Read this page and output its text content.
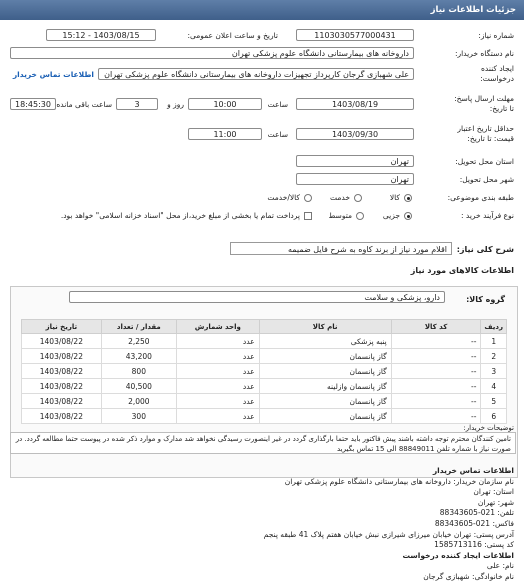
جزئیات اطلاعات نیاز
شماره نیاز:
1103030577000431
تاریخ و ساعت اعلان عمومی:
1403/08/15 - 15:12
نام دستگاه خریدار:
داروخانه های بیمارستانی دانشگاه علوم پزشکی تهران
ایجاد کننده
درخواست:
علی شهبازی گرجان کارپرداز تجهیزات داروخانه های بیمارستانی دانشگاه علوم پزشکی تهران
اطلاعات تماس خریدار
مهلت ارسال پاسخ:
تا تاریخ:
1403/08/19
ساعت
10:00
3	روز و
ساعت باقی مانده
18:45:30
حداقل تاریخ اعتبار
قیمت: تا تاریخ:
1403/09/30
ساعت
11:00
استان محل تحویل:
تهران
شهر محل تحویل:
تهران
طبقه بندی موضوعی:
کالا
خدمت
کالا/خدمت
نوع فرآیند خرید :
جزیی
متوسط
پرداخت تمام یا بخشی از مبلغ خرید،از محل "اسناد خزانه اسلامی" خواهد بود.
شرح کلی نیاز:
اقلام مورد نیاز از برند کاوه به شرح فایل ضمیمه
اطلاعات کالاهای مورد نیاز
گروه کالا:
دارو، پزشکی و سلامت
ردیف	کد کالا	نام کالا	واحد شمارش	مقدار / تعداد	تاریخ نیاز
1	--	پنبه پزشکی	عدد	2,250	1403/08/22
2	--	گاز پانسمان	عدد	43,200	1403/08/22
3	--	گاز پانسمان	عدد	800	1403/08/22
4	--	گاز پانسمان وازلینه	عدد	40,500	1403/08/22
5	--	گاز پانسمان	عدد	2,000	1403/08/22
6	--	گاز پانسمان	عدد	300	1403/08/22
تامین کنندگان محترم توجه داشته باشند پیش فاکتور باید حتما بارگذاری گردد در غیر اینصورت رسیدگی نخواهد شد مدارک و موارد ذکر شده در پیوست حتما مطالعه گردد. در صورت نیاز با شماره تلفن 88849011 الی 15 تماس بگیرید
توضیحات خریدار:
اطلاعات تماس خریدار
نام سازمان خریدار: داروخانه های بیمارستانی دانشگاه علوم پزشکی تهران
استان: تهران
شهر: تهران
تلفن: 021-88343605
فاکس: 021-88343605
آدرس پستی: تهران خیابان میرزای شیرازی نبش خیابان هفتم پلاک 41 طبقه پنجم
کد پستی: 1585713116
اطلاعات ایجاد کننده درخواست
نام: علی
نام خانوادگی: شهبازی گرجان
